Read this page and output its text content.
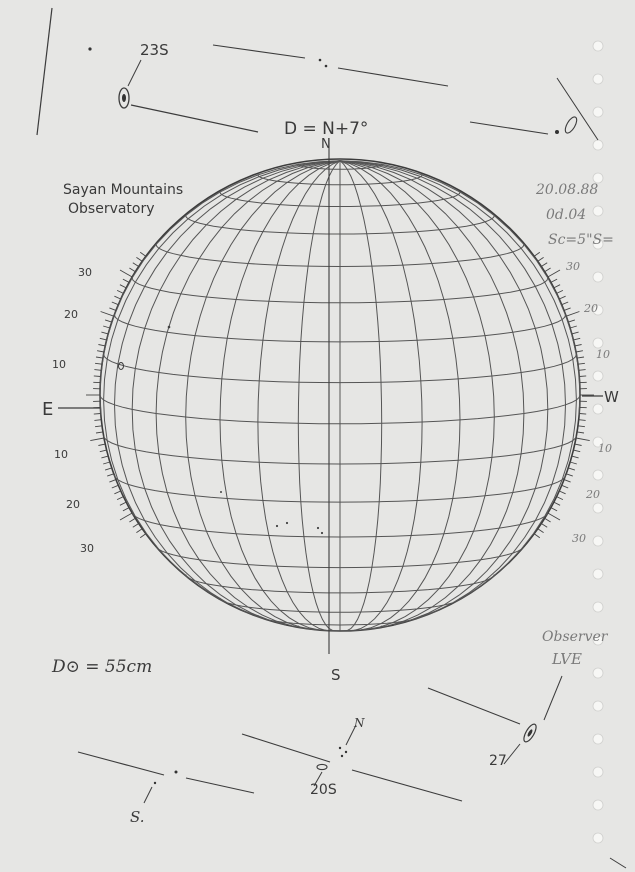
23S
D = N+7°
Sayan Mountains
Observatory
20.08.88
0d.04
Sc=5"S=
N
S
E
W
30
20
10
10
20
30
30
20
10
10
20
30
D⊙ = 55cm
Observer
LVE
27
N
20S
S.
